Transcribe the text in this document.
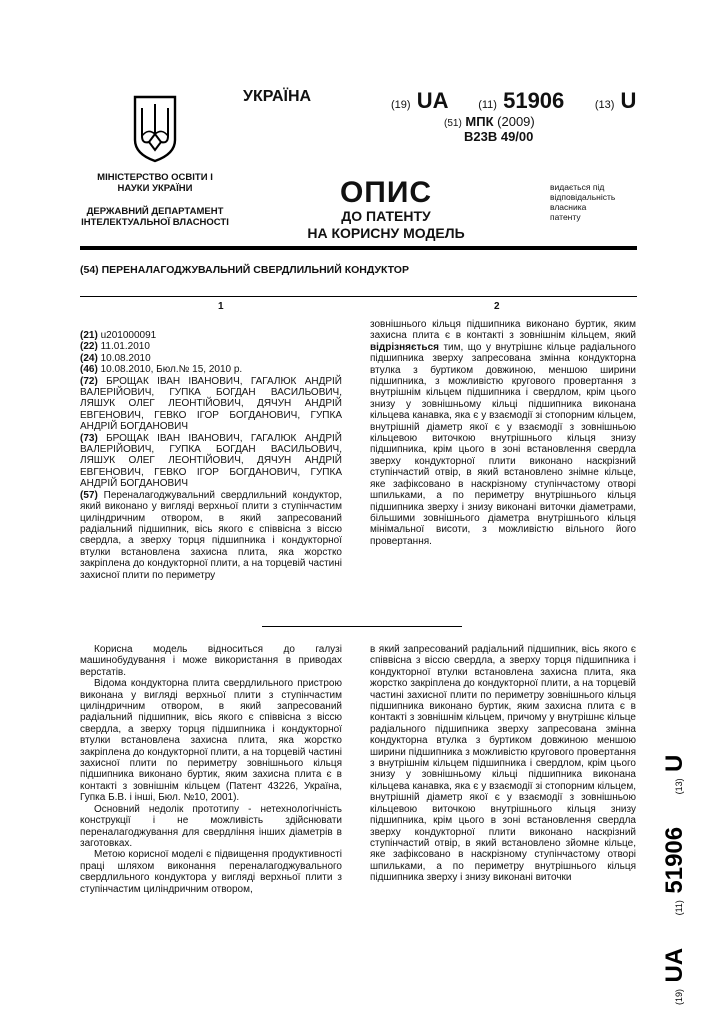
МІНІСТЕРСТВО ОСВІТИ І НАУКИ УКРАЇНИ
ДЕРЖАВНИЙ ДЕПАРТАМЕНТ ІНТЕЛЕКТУАЛЬНОЇ ВЛАСНОСТІ
УКРАЇНА	(19) UA	(11) 51906	(13) U
(51) МПК (2009)
B23B 49/00
ОПИС
ДО ПАТЕНТУ
НА КОРИСНУ МОДЕЛЬ
видається під
відповідальність
власника
патенту
(54) ПЕРЕНАЛАГОДЖУВАЛЬНИЙ СВЕРДЛИЛЬНИЙ КОНДУКТОР
1	2

(21) u201000091

(22) 11.01.2010

(24) 10.08.2010

(46) 10.08.2010, Бюл.№ 15, 2010 р.

(72) БРОЩАК ІВАН ІВАНОВИЧ, ГАГАЛЮК АНДРІЙ ВАЛЕРІЙОВИЧ, ГУПКА БОГДАН ВАСИЛЬОВИЧ, ЛЯШУК ОЛЕГ ЛЕОНТІЙОВИЧ, ДЯЧУН АНДРІЙ ЕВГЕНОВИЧ, ГЕВКО ІГОР БОГДАНОВИЧ, ГУПКА АНДРІЙ БОГДАНОВИЧ

(73) БРОЩАК ІВАН ІВАНОВИЧ, ГАГАЛЮК АНДРІЙ ВАЛЕРІЙОВИЧ, ГУПКА БОГДАН ВАСИЛЬОВИЧ, ЛЯШУК ОЛЕГ ЛЕОНТІЙОВИЧ, ДЯЧУН АНДРІЙ ЕВГЕНОВИЧ, ГЕВКО ІГОР БОГДАНОВИЧ, ГУПКА АНДРІЙ БОГДАНОВИЧ

(57) Переналагоджувальний свердлильний кондуктор, який виконано у вигляді верхньої плити з ступінчастим циліндричним отвором, в який запресований радіальний підшипник, вісь якого є співвісна з віссю свердла, а зверху торця підшипника і кондукторної втулки встановлена захисна плита, яка жорстко закріплена до кондукторної плити, а на торцевій частині захисної плити по периметру

зовнішнього кільця підшипника виконано буртик, яким захисна плита є в контакті з зовнішнім кільцем, який відрізняється тим, що у внутрішнє кільце радіального підшипника зверху запресована змінна кондукторна втулка з буртиком довжиною, меншою ширини підшипника, з можливістю кругового провертання з внутрішнім кільцем підшипника і свердлом, крім цього знизу у зовнішньому кільці підшипника виконана кільцева канавка, яка є у взаємодії зі стопорним кільцем, внутрішній діаметр якої є у взаємодії з зовнішньою кільцевою виточкою внутрішнього кільця знизу підшипника, крім цього в зоні встановлення свердла зверху кондукторної плити виконано наскрізний ступінчастий отвір, в який встановлено знімне кільце, яке зафіксовано в наскрізному ступінчастому отворі шпильками, а по периметру внутрішнього кільця підшипника зверху і знизу виконані виточки діаметрами, більшими зовнішнього діаметра внутрішнього кільця мінімальної висоти, з можливістю вільного його провертання.

Корисна модель відноситься до галузі машинобудування і може використання в приводах верстатів.

Відома кондукторна плита свердлильного пристрою виконана у вигляді верхньої плити з ступінчастим циліндричним отвором, в який запресований радіальний підшипник, вісь якого є співвісна з віссю свердла, а зверху торця підшипника і кондукторної втулки встановлена захисна плита, яка жорстко закріплена до кондукторної плити, а на торцевій частині захисної плити по периметру зовнішнього кільця підшипника виконано буртик, яким захисна плита є в контакті з зовнішнім кільцем (Патент 43226, Україна, Гупка Б.В. і інші, Бюл. №10, 2001).

Основний недолік прототипу - нетехнологічність конструкції і не можливість здійснювати переналагоджування для свердління інших діаметрів в заготовках.

Метою корисної моделі є підвищення продуктивності праці шляхом виконання переналагоджувального свердлильного кондуктора у вигляді верхньої плити з ступінчастим циліндричним отвором,

в який запресований радіальний підшипник, вісь якого є співвісна з віссю свердла, а зверху торця підшипника і кондукторної втулки встановлена захисна плита, яка жорстко закріплена до кондукторної плити, а на торцевій частині захисної плити по периметру зовнішнього кільця підшипника виконано буртик, яким захисна плита є в контакті з зовнішнім кільцем, причому у внутрішнє кільце радіального підшипника зверху запресована змінна кондукторна втулка з буртиком довжиною меншою ширини підшипника з можливістю кругового провертання з внутрішнім кільцем підшипника і свердлом, крім цього знизу у зовнішньому кільці підшипника виконана кільцева канавка, яка є у взаємодії зі стопорним кільцем, внутрішній діаметр якої є у взаємодії з зовнішньою кільцевою виточкою внутрішнього кільця знизу підшипника, крім цього в зоні встановлення свердла зверху кондукторної плити виконано наскрізний ступінчастий отвір, в який встановлено зйомне кільце, яке зафіксовано в наскрізному ступінчастому отворі шпильками, а по периметру внутрішнього кільця підшипника зверху і знизу виконані виточки

(19) UA (11) 51906 (13) U
